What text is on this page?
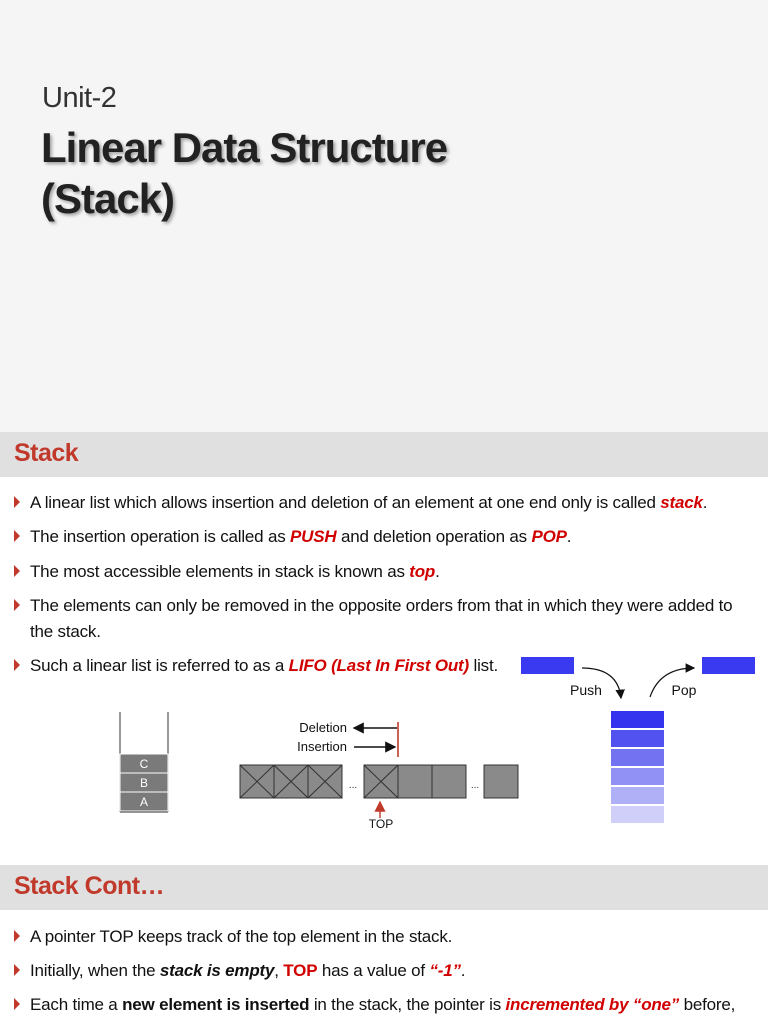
Unit-2
Linear Data Structure
(Stack)
Stack
A linear list which allows insertion and deletion of an element at one end only is called stack.
The insertion operation is called as PUSH and deletion operation as POP.
The most accessible elements in stack is known as top.
The elements can only be removed in the opposite orders from that in which they were added to
the stack.
Such a linear list is referred to as a LIFO (Last In First Out) list.
C
B
A
Deletion
Insertion
...	...
TOP
Push	Pop
Stack Cont…
A pointer TOP keeps track of the top element in the stack.
Initially, when the stack is empty, TOP has a value of “-1”.
Each time a new element is inserted in the stack, the pointer is incremented by “one” before,
